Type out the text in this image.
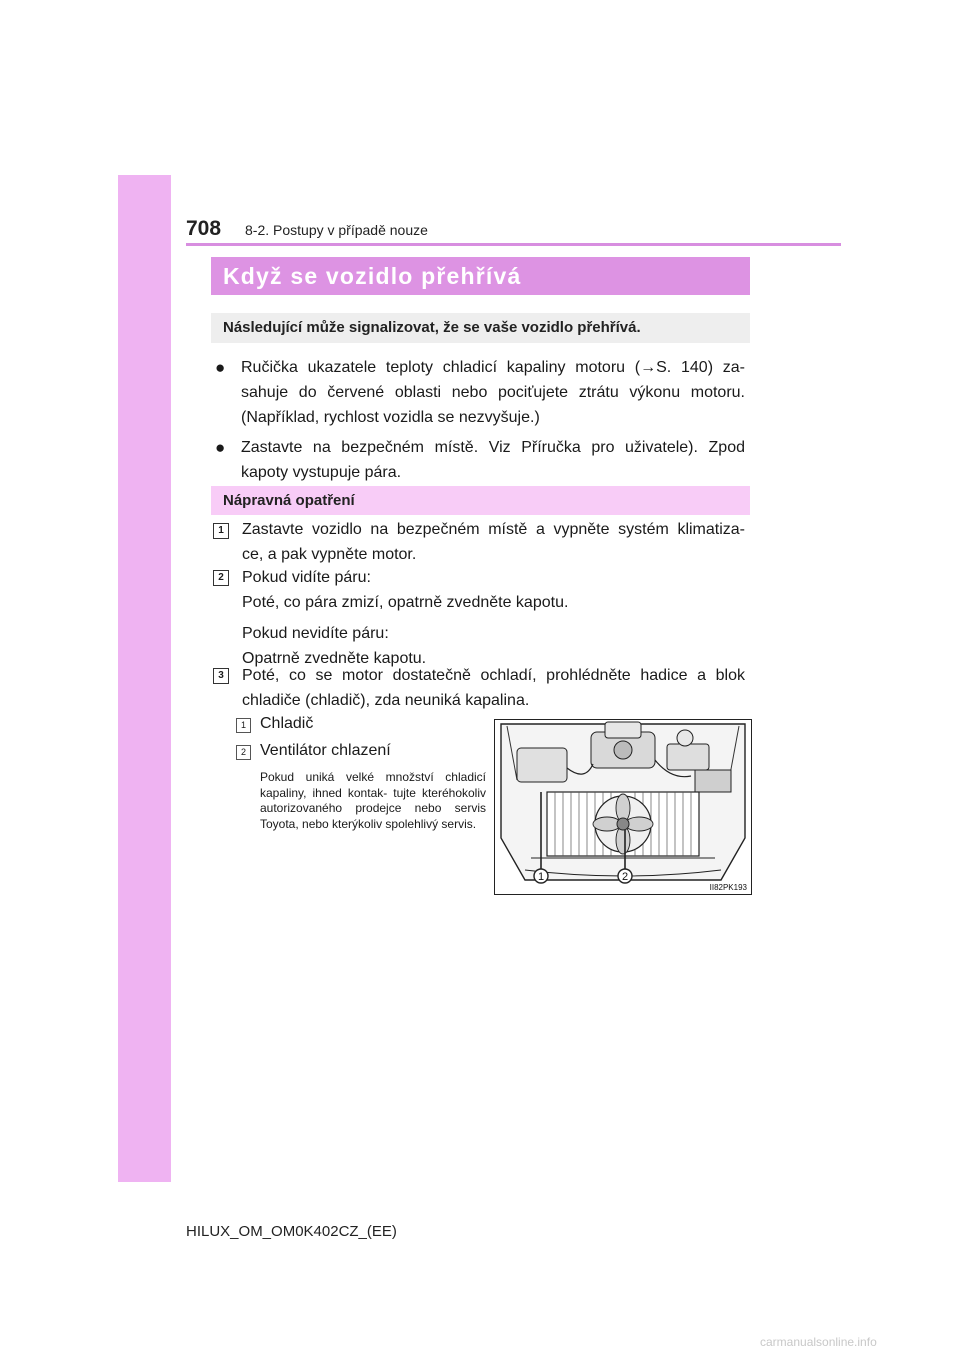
708 8-2. Postupy v případě nouze
Když se vozidlo přehřívá
Následující může signalizovat, že se vaše vozidlo přehřívá.
● Ručička ukazatele teploty chladicí kapaliny motoru (→S. 140) za-
sahuje do červené oblasti nebo pociťujete ztrátu výkonu motoru.
(Například, rychlost vozidla se nezvyšuje.)
● Zastavte na bezpečném místě. Viz Příručka pro uživatele). Zpod
kapoty vystupuje pára.
Nápravná opatření
1	Zastavte vozidlo na bezpečném místě a vypněte systém klimatiza-
ce, a pak vypněte motor.
2	Pokud vidíte páru:
Poté, co pára zmizí, opatrně zvedněte kapotu.
Pokud nevidíte páru:
Opatrně zvedněte kapotu.
3	Poté, co se motor dostatečně ochladí, prohlédněte hadice a blok
chladiče (chladič), zda neuniká kapalina.
1 Chladič
2 Ventilátor chlazení
Pokud uniká velké množství chladicí kapaliny, ihned kontak- tujte kteréhokoliv autorizovaného prodejce nebo servis Toyota, nebo kterýkoliv spolehlivý servis.
1	2
II82PK193
HILUX_OM_OM0K402CZ_(EE)
carmanualsonline.info
